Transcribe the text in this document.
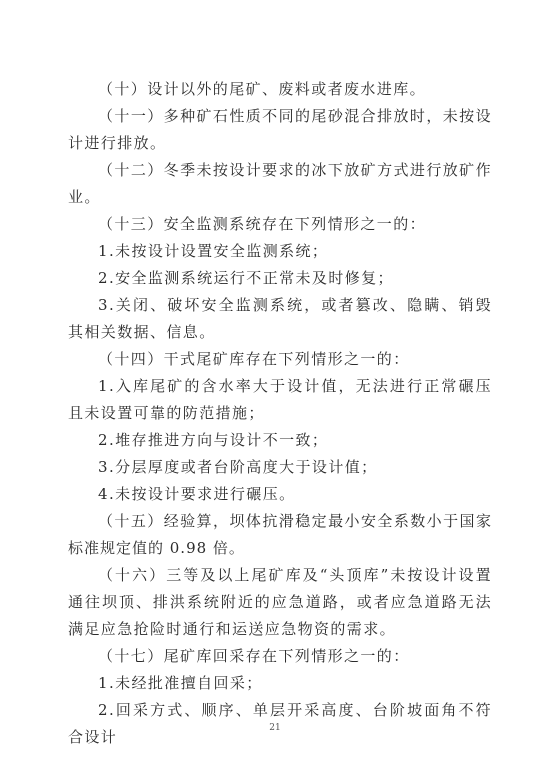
（十）设计以外的尾矿、废料或者废水进库。

（十一）多种矿石性质不同的尾砂混合排放时，未按设计进行排放。

（十二）冬季未按设计要求的冰下放矿方式进行放矿作业。

（十三）安全监测系统存在下列情形之一的：

1.未按设计设置安全监测系统；

2.安全监测系统运行不正常未及时修复；

3.关闭、破坏安全监测系统，或者篡改、隐瞒、销毁其相关数据、信息。

（十四）干式尾矿库存在下列情形之一的：

1.入库尾矿的含水率大于设计值，无法进行正常碾压且未设置可靠的防范措施；

2.堆存推进方向与设计不一致；

3.分层厚度或者台阶高度大于设计值；

4.未按设计要求进行碾压。

（十五）经验算，坝体抗滑稳定最小安全系数小于国家标准规定值的 0.98 倍。

（十六）三等及以上尾矿库及“头顶库”未按设计设置通往坝顶、排洪系统附近的应急道路，或者应急道路无法满足应急抢险时通行和运送应急物资的需求。

（十七）尾矿库回采存在下列情形之一的：

1.未经批准擅自回采；

2.回采方式、顺序、单层开采高度、台阶坡面角不符合设计	21
